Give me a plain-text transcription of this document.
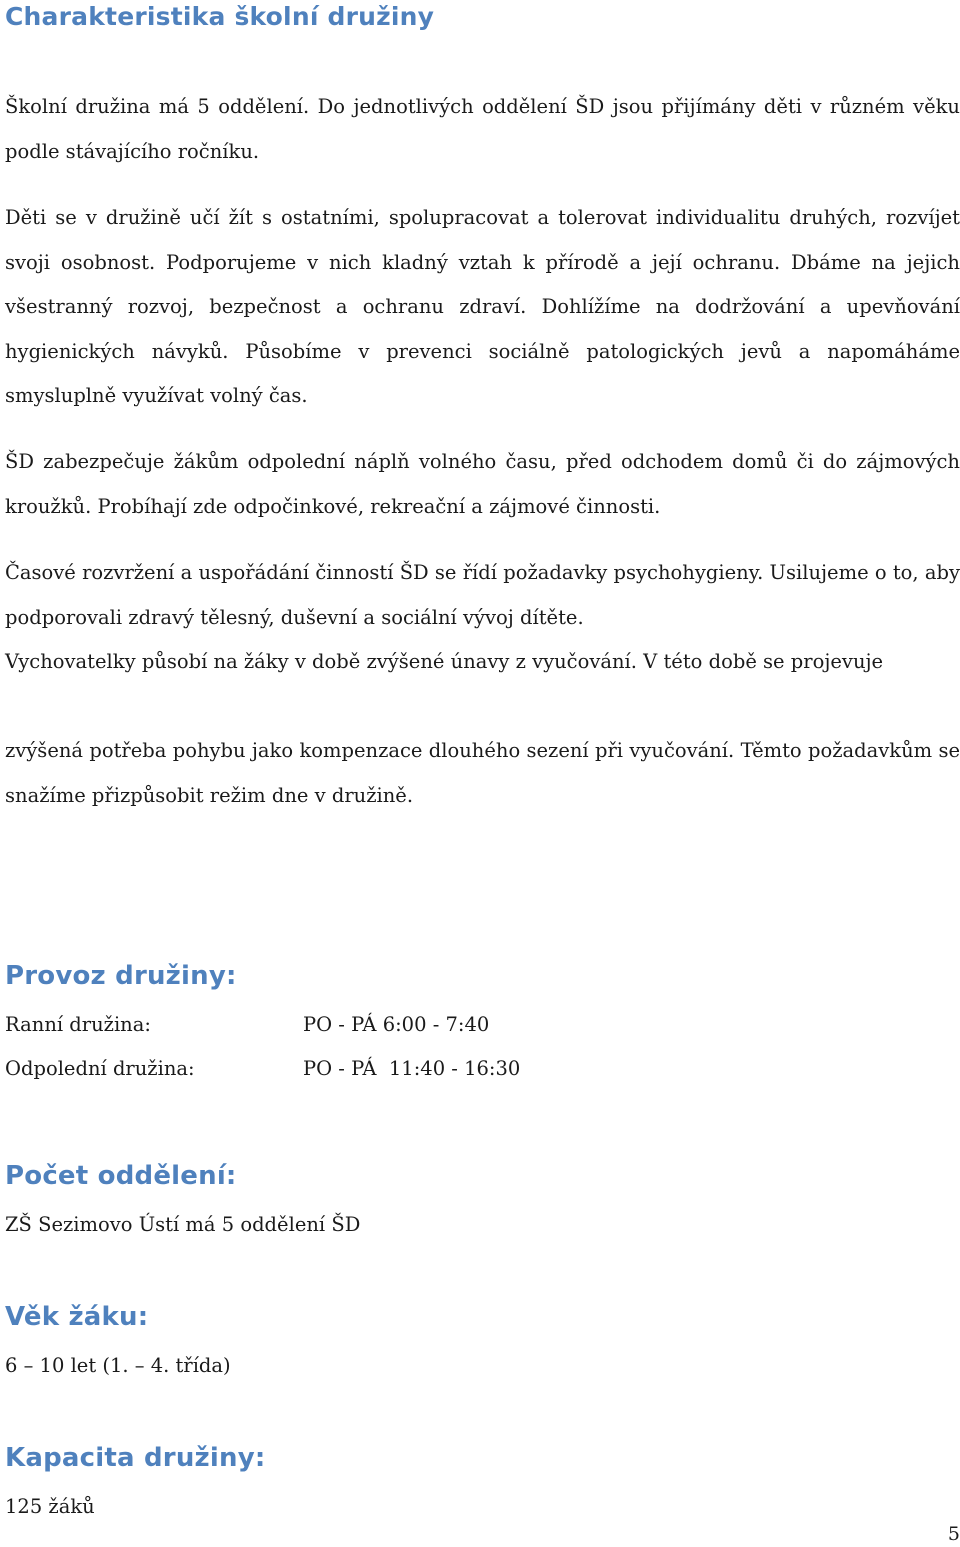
Charakteristika školní družiny

Školní družina má 5 oddělení. Do jednotlivých oddělení ŠD jsou přijímány děti v různém věku podle stávajícího ročníku.

Děti se v družině učí žít s ostatními, spolupracovat a tolerovat individualitu druhých, rozvíjet svoji osobnost. Podporujeme v nich kladný vztah k přírodě a její ochranu. Dbáme na jejich všestranný rozvoj, bezpečnost a ochranu zdraví. Dohlížíme na dodržování a upevňování hygienických návyků. Působíme v prevenci sociálně patologických jevů a napomáháme smysluplně využívat volný čas.

ŠD zabezpečuje žákům odpolední náplň volného času, před odchodem domů či do zájmových kroužků. Probíhají zde odpočinkové, rekreační a zájmové činnosti.

Časové rozvržení a uspořádání činností ŠD se řídí požadavky psychohygieny. Usilujeme o to, aby podporovali zdravý tělesný, duševní a sociální vývoj dítěte.

Vychovatelky působí na žáky v době zvýšené únavy z vyučování. V této době se projevuje

zvýšená potřeba pohybu jako kompenzace dlouhého sezení při vyučování. Těmto požadavkům se snažíme přizpůsobit režim dne v družině.

Provoz družiny:
Ranní družina:	PO - PÁ 6:00 - 7:40
Odpolední družina:	PO - PÁ  11:40 - 16:30
Počet oddělení:
ZŠ Sezimovo Ústí má 5 oddělení ŠD
Věk žáku:
6 – 10 let (1. – 4. třída)
Kapacita družiny:
125 žáků
5
